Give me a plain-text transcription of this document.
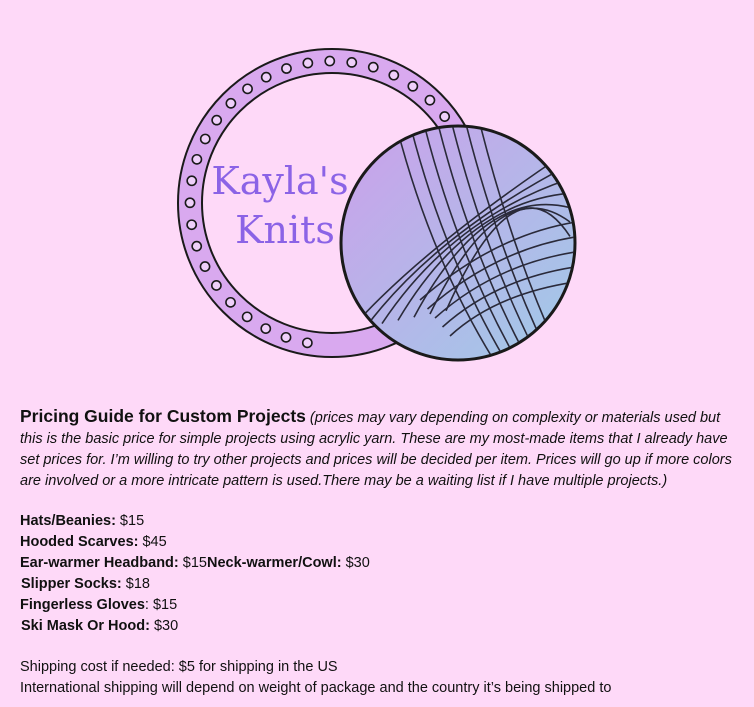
Kayla's
Knits

Pricing Guide for Custom Projects (prices may vary depending on complexity or materials used but this is the basic price for simple projects using acrylic yarn. These are my most-made items that I already have set prices for. I’m willing to try other projects and prices will be decided per item. Prices will go up if more colors are involved or a more intricate pattern is used.There may be a waiting list if I have multiple projects.)

Hats/Beanies: $15

Hooded Scarves: $45

Ear-warmer Headband: $15Neck-warmer/Cowl: $30

Slipper Socks: $18

Fingerless Gloves: $15

Ski Mask Or Hood: $30

Shipping cost if needed: $5 for shipping in the US

International shipping will depend on weight of package and the country it’s being shipped to
